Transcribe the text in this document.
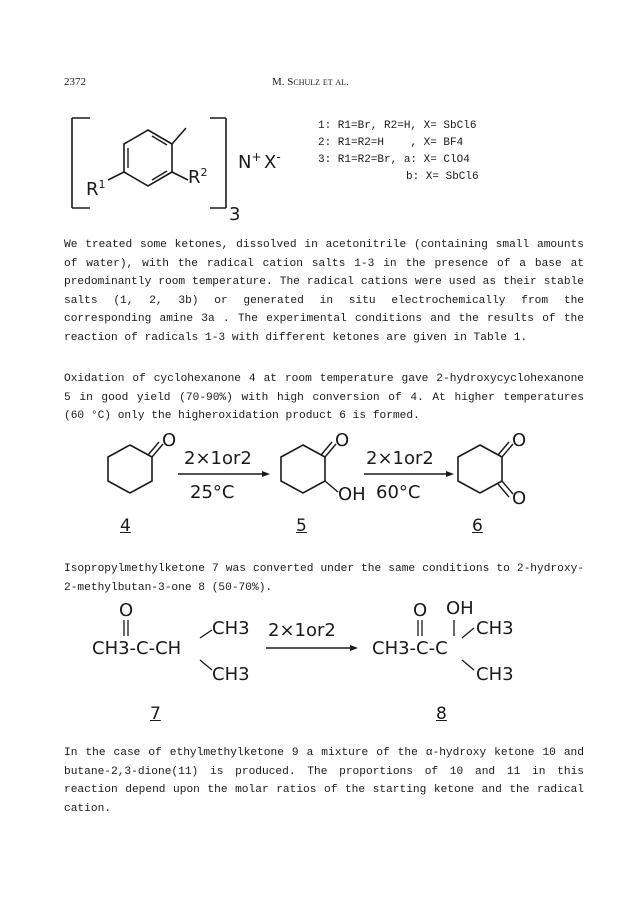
2372	M. Schulz et al.
$R^1$	$R^2$ N+ X-
3
1: R1=Br, R2=H, X= SbCl6
2: R1=R2=H    , X= BF4
3: R1=R2=Br, a: X= ClO4
b: X= SbCl6

We treated some ketones, dissolved in acetonitrile (containing small amounts of water), with the radical cation salts 1-3 in the presence of a base at predominantly room temperature. The radical cations were used as their stable salts (1, 2, 3b) or generated in situ electrochemically from the corresponding amine 3a . The experimental conditions and the results of the reaction of radicals 1-3 with different ketones are given in Table 1.

Oxidation of cyclohexanone 4 at room temperature gave 2-hydroxycyclohexanone 5 in good yield (70-90%) with high conversion of 4. At higher temperatures (60 °C) only the higheroxidation product 6 is formed.

O
2×1or2
25°C
O
OH
2×1or2
60°C
O
O
4	5	6

Isopropylmethylketone 7 was converted under the same conditions to 2-hydroxy-2-methylbutan-3-one 8 (50-70%).

O
CH3-C-CH
CH3
CH3
2×1or2
O OH
CH3-C-C
CH3
CH3
7	8

In the case of ethylmethylketone 9 a mixture of the α-hydroxy ketone 10 and butane-2,3-dione(11) is produced. The proportions of 10 and 11 in this reaction depend upon the molar ratios of the starting ketone and the radical cation.
